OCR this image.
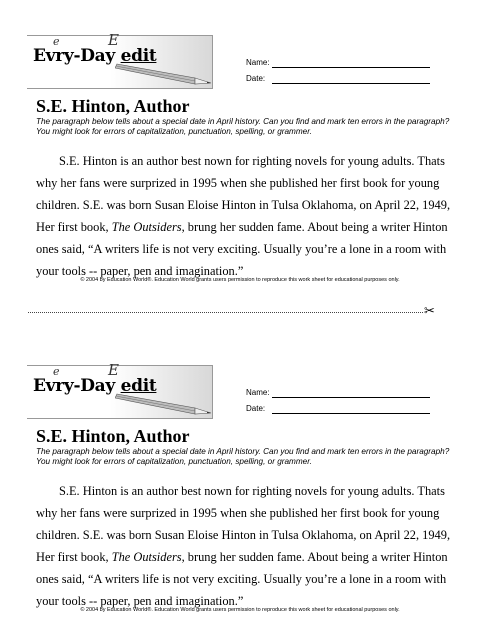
e	E
Evry-Day edit	Name:
Date:
S.E. Hinton, Author

The paragraph below tells about a special date in April history. Can you find and mark ten errors in the paragraph? You might look for errors of capitalization, punctuation, spelling, or grammer.

S.E. Hinton is an author best nown for righting novels for young adults. Thats why her fans were surprized in 1995 when she published her first book for young children. S.E. was born Susan Eloise Hinton in Tulsa Oklahoma, on April 22, 1949, Her first book, The Outsiders, brung her sudden fame. About being a writer Hinton ones said, “A writers life is not very exciting. Usually you’re a lone in a room with your tools -- paper, pen and imagination.”

© 2004 by Education World®. Education World grants users permission to reproduce this work sheet for educational purposes only.

✂
e	E
Evry-Day edit	Name:
Date:
S.E. Hinton, Author

The paragraph below tells about a special date in April history. Can you find and mark ten errors in the paragraph? You might look for errors of capitalization, punctuation, spelling, or grammer.

S.E. Hinton is an author best nown for righting novels for young adults. Thats why her fans were surprized in 1995 when she published her first book for young children. S.E. was born Susan Eloise Hinton in Tulsa Oklahoma, on April 22, 1949, Her first book, The Outsiders, brung her sudden fame. About being a writer Hinton ones said, “A writers life is not very exciting. Usually you’re a lone in a room with your tools -- paper, pen and imagination.”

© 2004 by Education World®. Education World grants users permission to reproduce this work sheet for educational purposes only.
